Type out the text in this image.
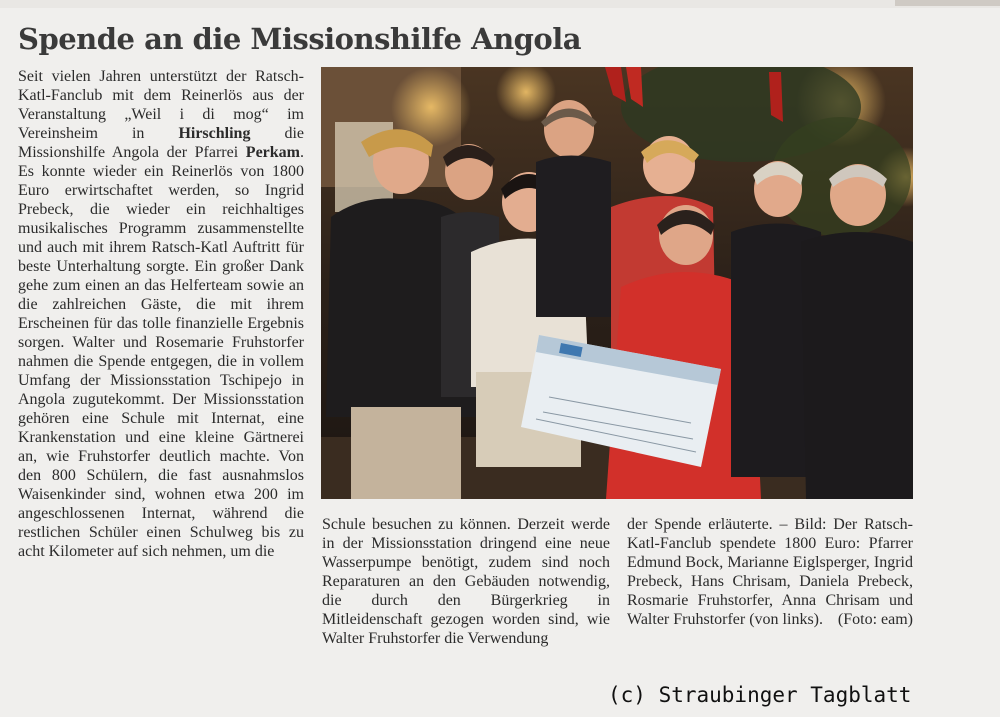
Spende an die Missionshilfe Angola

Seit vielen Jahren unterstützt der Ratsch-Katl-Fanclub mit dem Reinerlös aus der Veranstaltung „Weil i di mog“ im Vereinsheim in Hirschling die Missionshilfe Angola der Pfarrei Perkam. Es konnte wieder ein Reinerlös von 1800 Euro erwirtschaftet werden, so Ingrid Prebeck, die wieder ein reichhaltiges musikalisches Programm zusammenstellte und auch mit ihrem Ratsch-Katl Auftritt für beste Unterhaltung sorgte. Ein großer Dank gehe zum einen an das Helferteam sowie an die zahlreichen Gäste, die mit ihrem Erscheinen für das tolle finanzielle Ergebnis sorgen. Walter und Rosemarie Fruhstorfer nahmen die Spende entgegen, die in vollem Umfang der Missionsstation Tschipejo in Angola zugutekommt. Der Missionsstation gehören eine Schule mit Internat, eine Krankenstation und eine kleine Gärtnerei an, wie Fruhstorfer deutlich machte. Von den 800 Schülern, die fast ausnahmslos Waisenkinder sind, wohnen etwa 200 im angeschlossenen Internat, während die restlichen Schüler einen Schulweg bis zu acht Kilometer auf sich nehmen, um die

Schule besuchen zu können. Derzeit werde in der Missionsstation dringend eine neue Wasserpumpe benötigt, zudem sind noch Reparaturen an den Gebäuden notwendig, die durch den Bürgerkrieg in Mitleidenschaft gezogen worden sind, wie Walter Fruhstorfer die Verwendung

der Spende erläuterte. – Bild: Der Ratsch-Katl-Fanclub spendete 1800 Euro: Pfarrer Edmund Bock, Marianne Eiglsperger, Ingrid Prebeck, Hans Chrisam, Daniela Prebeck, Rosmarie Fruhstorfer, Anna Chrisam und Walter Fruhstorfer (von links). (Foto: eam)

(c) Straubinger Tagblatt
